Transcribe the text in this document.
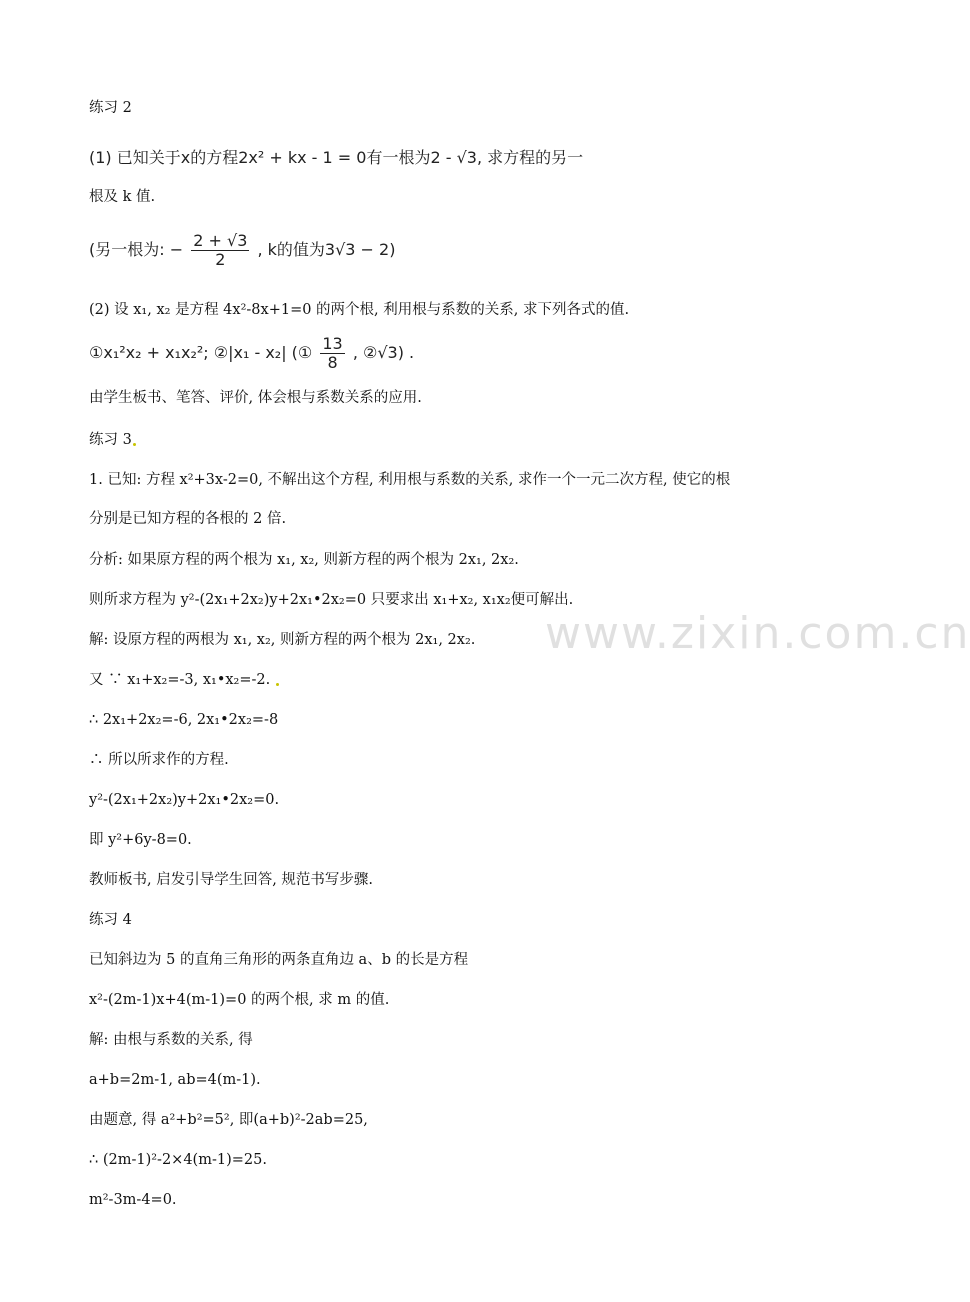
www.zixin.com.cn
练习 2
(1) 已知关于x的方程2x² + kx - 1 = 0有一根为2 - √3, 求方程的另一
根及 k 值.
(另一根为: − $\frac{2 + √3}{2}$ , k的值为3√3 − 2)
(2) 设 x₁, x₂ 是方程 4x²-8x+1=0 的两个根, 利用根与系数的关系, 求下列各式的值.
①x₁²x₂ + x₁x₂²; ②|x₁ - x₂| (① $\frac{13}{8}$ , ②√3) .
由学生板书、笔答、评价, 体会根与系数关系的应用.
练习 3
1. 已知: 方程 x²+3x-2=0, 不解出这个方程, 利用根与系数的关系, 求作一个一元二次方程, 使它的根
分别是已知方程的各根的 2 倍.
分析: 如果原方程的两个根为 x₁, x₂, 则新方程的两个根为 2x₁, 2x₂.
则所求方程为 y²-(2x₁+2x₂)y+2x₁•2x₂=0 只要求出 x₁+x₂, x₁x₂便可解出.
解: 设原方程的两根为 x₁, x₂, 则新方程的两个根为 2x₁, 2x₂.
又 ∵ x₁+x₂=-3, x₁•x₂=-2.
∴ 2x₁+2x₂=-6, 2x₁•2x₂=-8
∴ 所以所求作的方程.
y²-(2x₁+2x₂)y+2x₁•2x₂=0.
即 y²+6y-8=0.
教师板书, 启发引导学生回答, 规范书写步骤.
练习 4
已知斜边为 5 的直角三角形的两条直角边 a、b 的长是方程
x²-(2m-1)x+4(m-1)=0 的两个根, 求 m 的值.
解: 由根与系数的关系, 得
a+b=2m-1, ab=4(m-1).
由题意, 得 a²+b²=5², 即(a+b)²-2ab=25,
∴ (2m-1)²-2×4(m-1)=25.
m²-3m-4=0.
